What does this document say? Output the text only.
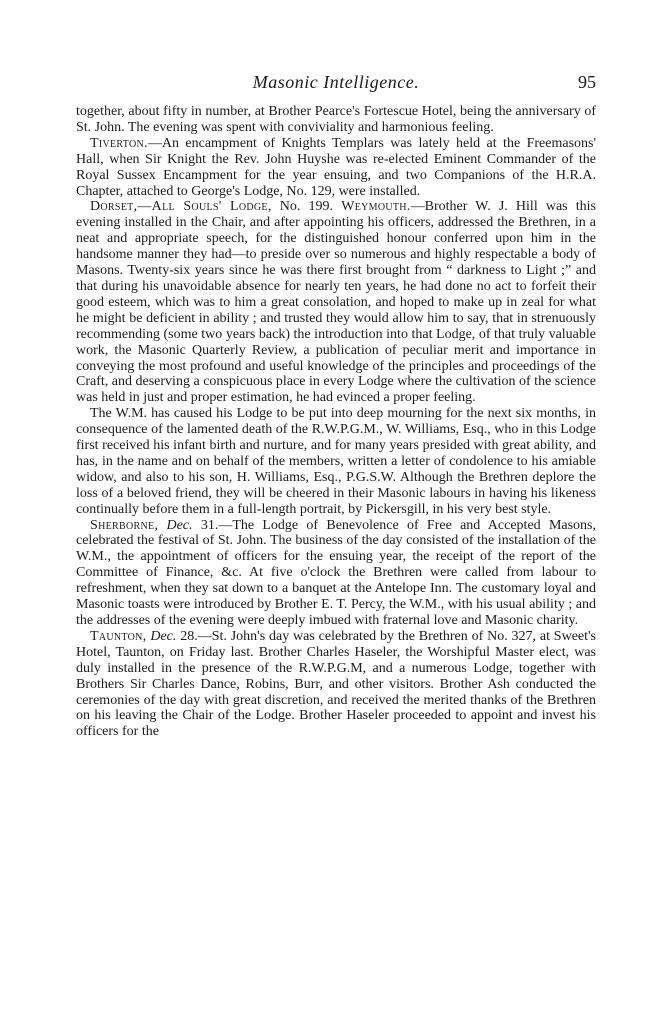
Masonic Intelligence.	95

together, about fifty in number, at Brother Pearce's Fortescue Hotel, being the anniversary of St. John. The evening was spent with conviviality and harmonious feeling.

Tiverton.—An encampment of Knights Templars was lately held at the Freemasons' Hall, when Sir Knight the Rev. John Huyshe was re-elected Eminent Commander of the Royal Sussex Encampment for the year ensuing, and two Companions of the H.R.A. Chapter, attached to George's Lodge, No. 129, were installed.

Dorset,—All Souls' Lodge, No. 199. Weymouth.—Brother W. J. Hill was this evening installed in the Chair, and after appointing his officers, addressed the Brethren, in a neat and appropriate speech, for the distinguished honour conferred upon him in the handsome manner they had—to preside over so numerous and highly respectable a body of Masons. Twenty-six years since he was there first brought from “ darkness to Light ;” and that during his unavoidable absence for nearly ten years, he had done no act to forfeit their good esteem, which was to him a great consolation, and hoped to make up in zeal for what he might be deficient in ability ; and trusted they would allow him to say, that in strenuously recommending (some two years back) the introduction into that Lodge, of that truly valuable work, the Masonic Quarterly Review, a publication of peculiar merit and importance in conveying the most profound and useful knowledge of the principles and proceedings of the Craft, and deserving a conspicuous place in every Lodge where the cultivation of the science was held in just and proper estimation, he had evinced a proper feeling.

The W.M. has caused his Lodge to be put into deep mourning for the next six months, in consequence of the lamented death of the R.W.P.G.M., W. Williams, Esq., who in this Lodge first received his infant birth and nurture, and for many years presided with great ability, and has, in the name and on behalf of the members, written a letter of condolence to his amiable widow, and also to his son, H. Williams, Esq., P.G.S.W. Although the Brethren deplore the loss of a beloved friend, they will be cheered in their Masonic labours in having his likeness continually before them in a full-length portrait, by Pickersgill, in his very best style.

Sherborne, Dec. 31.—The Lodge of Benevolence of Free and Accepted Masons, celebrated the festival of St. John. The business of the day consisted of the installation of the W.M., the appointment of officers for the ensuing year, the receipt of the report of the Committee of Finance, &c. At five o'clock the Brethren were called from labour to refreshment, when they sat down to a banquet at the Antelope Inn. The customary loyal and Masonic toasts were introduced by Brother E. T. Percy, the W.M., with his usual ability ; and the addresses of the evening were deeply imbued with fraternal love and Masonic charity.

Taunton, Dec. 28.—St. John's day was celebrated by the Brethren of No. 327, at Sweet's Hotel, Taunton, on Friday last. Brother Charles Haseler, the Worshipful Master elect, was duly installed in the presence of the R.W.P.G.M, and a numerous Lodge, together with Brothers Sir Charles Dance, Robins, Burr, and other visitors. Brother Ash conducted the ceremonies of the day with great discretion, and received the merited thanks of the Brethren on his leaving the Chair of the Lodge. Brother Haseler proceeded to appoint and invest his officers for the
